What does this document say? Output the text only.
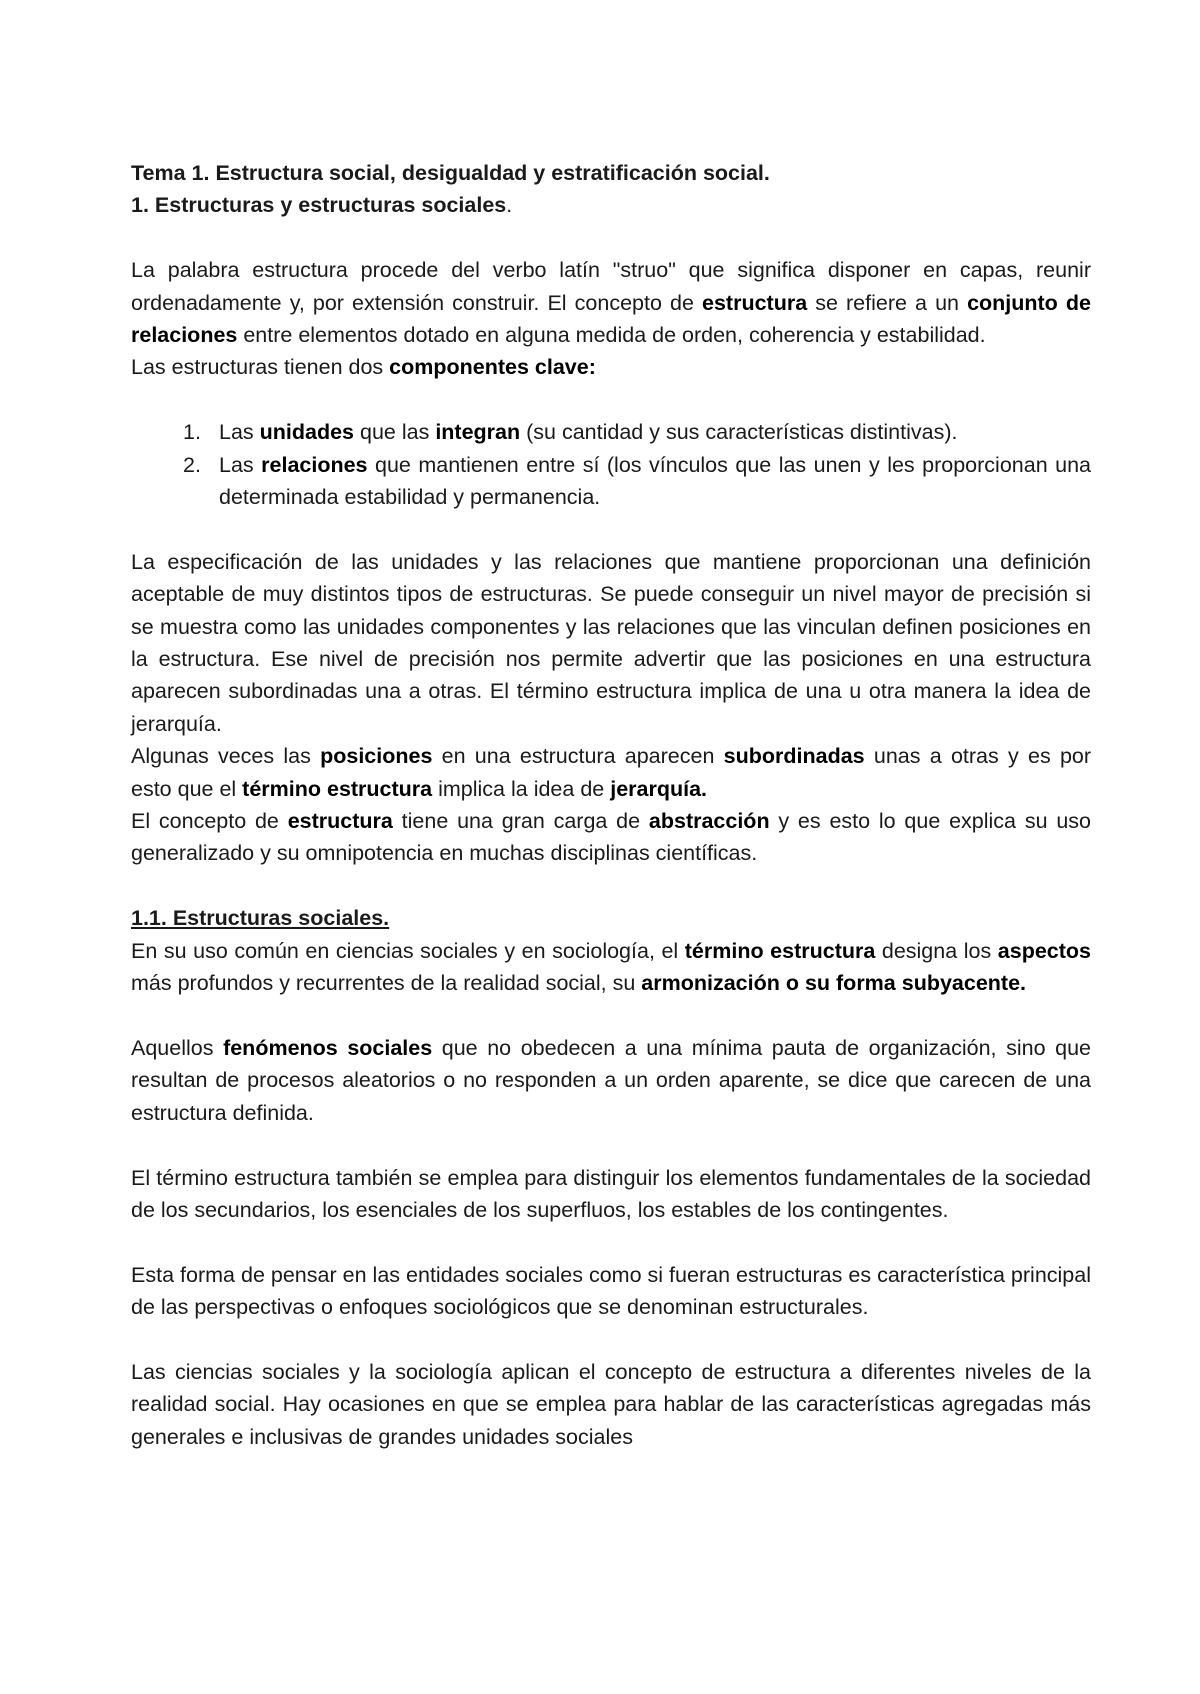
Tema 1. Estructura social, desigualdad y estratificación social.

1. Estructuras y estructuras sociales.

La palabra estructura procede del verbo latín "struo" que significa disponer en capas, reunir ordenadamente y, por extensión construir. El concepto de estructura se refiere a un conjunto de relaciones entre elementos dotado en alguna medida de orden, coherencia y estabilidad.

Las estructuras tienen dos componentes clave:

1. Las unidades que las integran (su cantidad y sus características distintivas).
2. Las relaciones que mantienen entre sí (los vínculos que las unen y les proporcionan una determinada estabilidad y permanencia.

La especificación de las unidades y las relaciones que mantiene proporcionan una definición aceptable de muy distintos tipos de estructuras. Se puede conseguir un nivel mayor de precisión si se muestra como las unidades componentes y las relaciones que las vinculan definen posiciones en la estructura. Ese nivel de precisión nos permite advertir que las posiciones en una estructura aparecen subordinadas una a otras. El término estructura implica de una u otra manera la idea de jerarquía.

Algunas veces las posiciones en una estructura aparecen subordinadas unas a otras y es por esto que el término estructura implica la idea de jerarquía.

El concepto de estructura tiene una gran carga de abstracción y es esto lo que explica su uso generalizado y su omnipotencia en muchas disciplinas científicas.

1.1. Estructuras sociales.

En su uso común en ciencias sociales y en sociología, el término estructura designa los aspectos más profundos y recurrentes de la realidad social, su armonización o su forma subyacente.

Aquellos fenómenos sociales que no obedecen a una mínima pauta de organización, sino que resultan de procesos aleatorios o no responden a un orden aparente, se dice que carecen de una estructura definida.

El término estructura también se emplea para distinguir los elementos fundamentales de la sociedad de los secundarios, los esenciales de los superfluos, los estables de los contingentes.

Esta forma de pensar en las entidades sociales como si fueran estructuras es característica principal de las perspectivas o enfoques sociológicos que se denominan estructurales.

Las ciencias sociales y la sociología aplican el concepto de estructura a diferentes niveles de la realidad social. Hay ocasiones en que se emplea para hablar de las características agregadas más generales e inclusivas de grandes unidades sociales
